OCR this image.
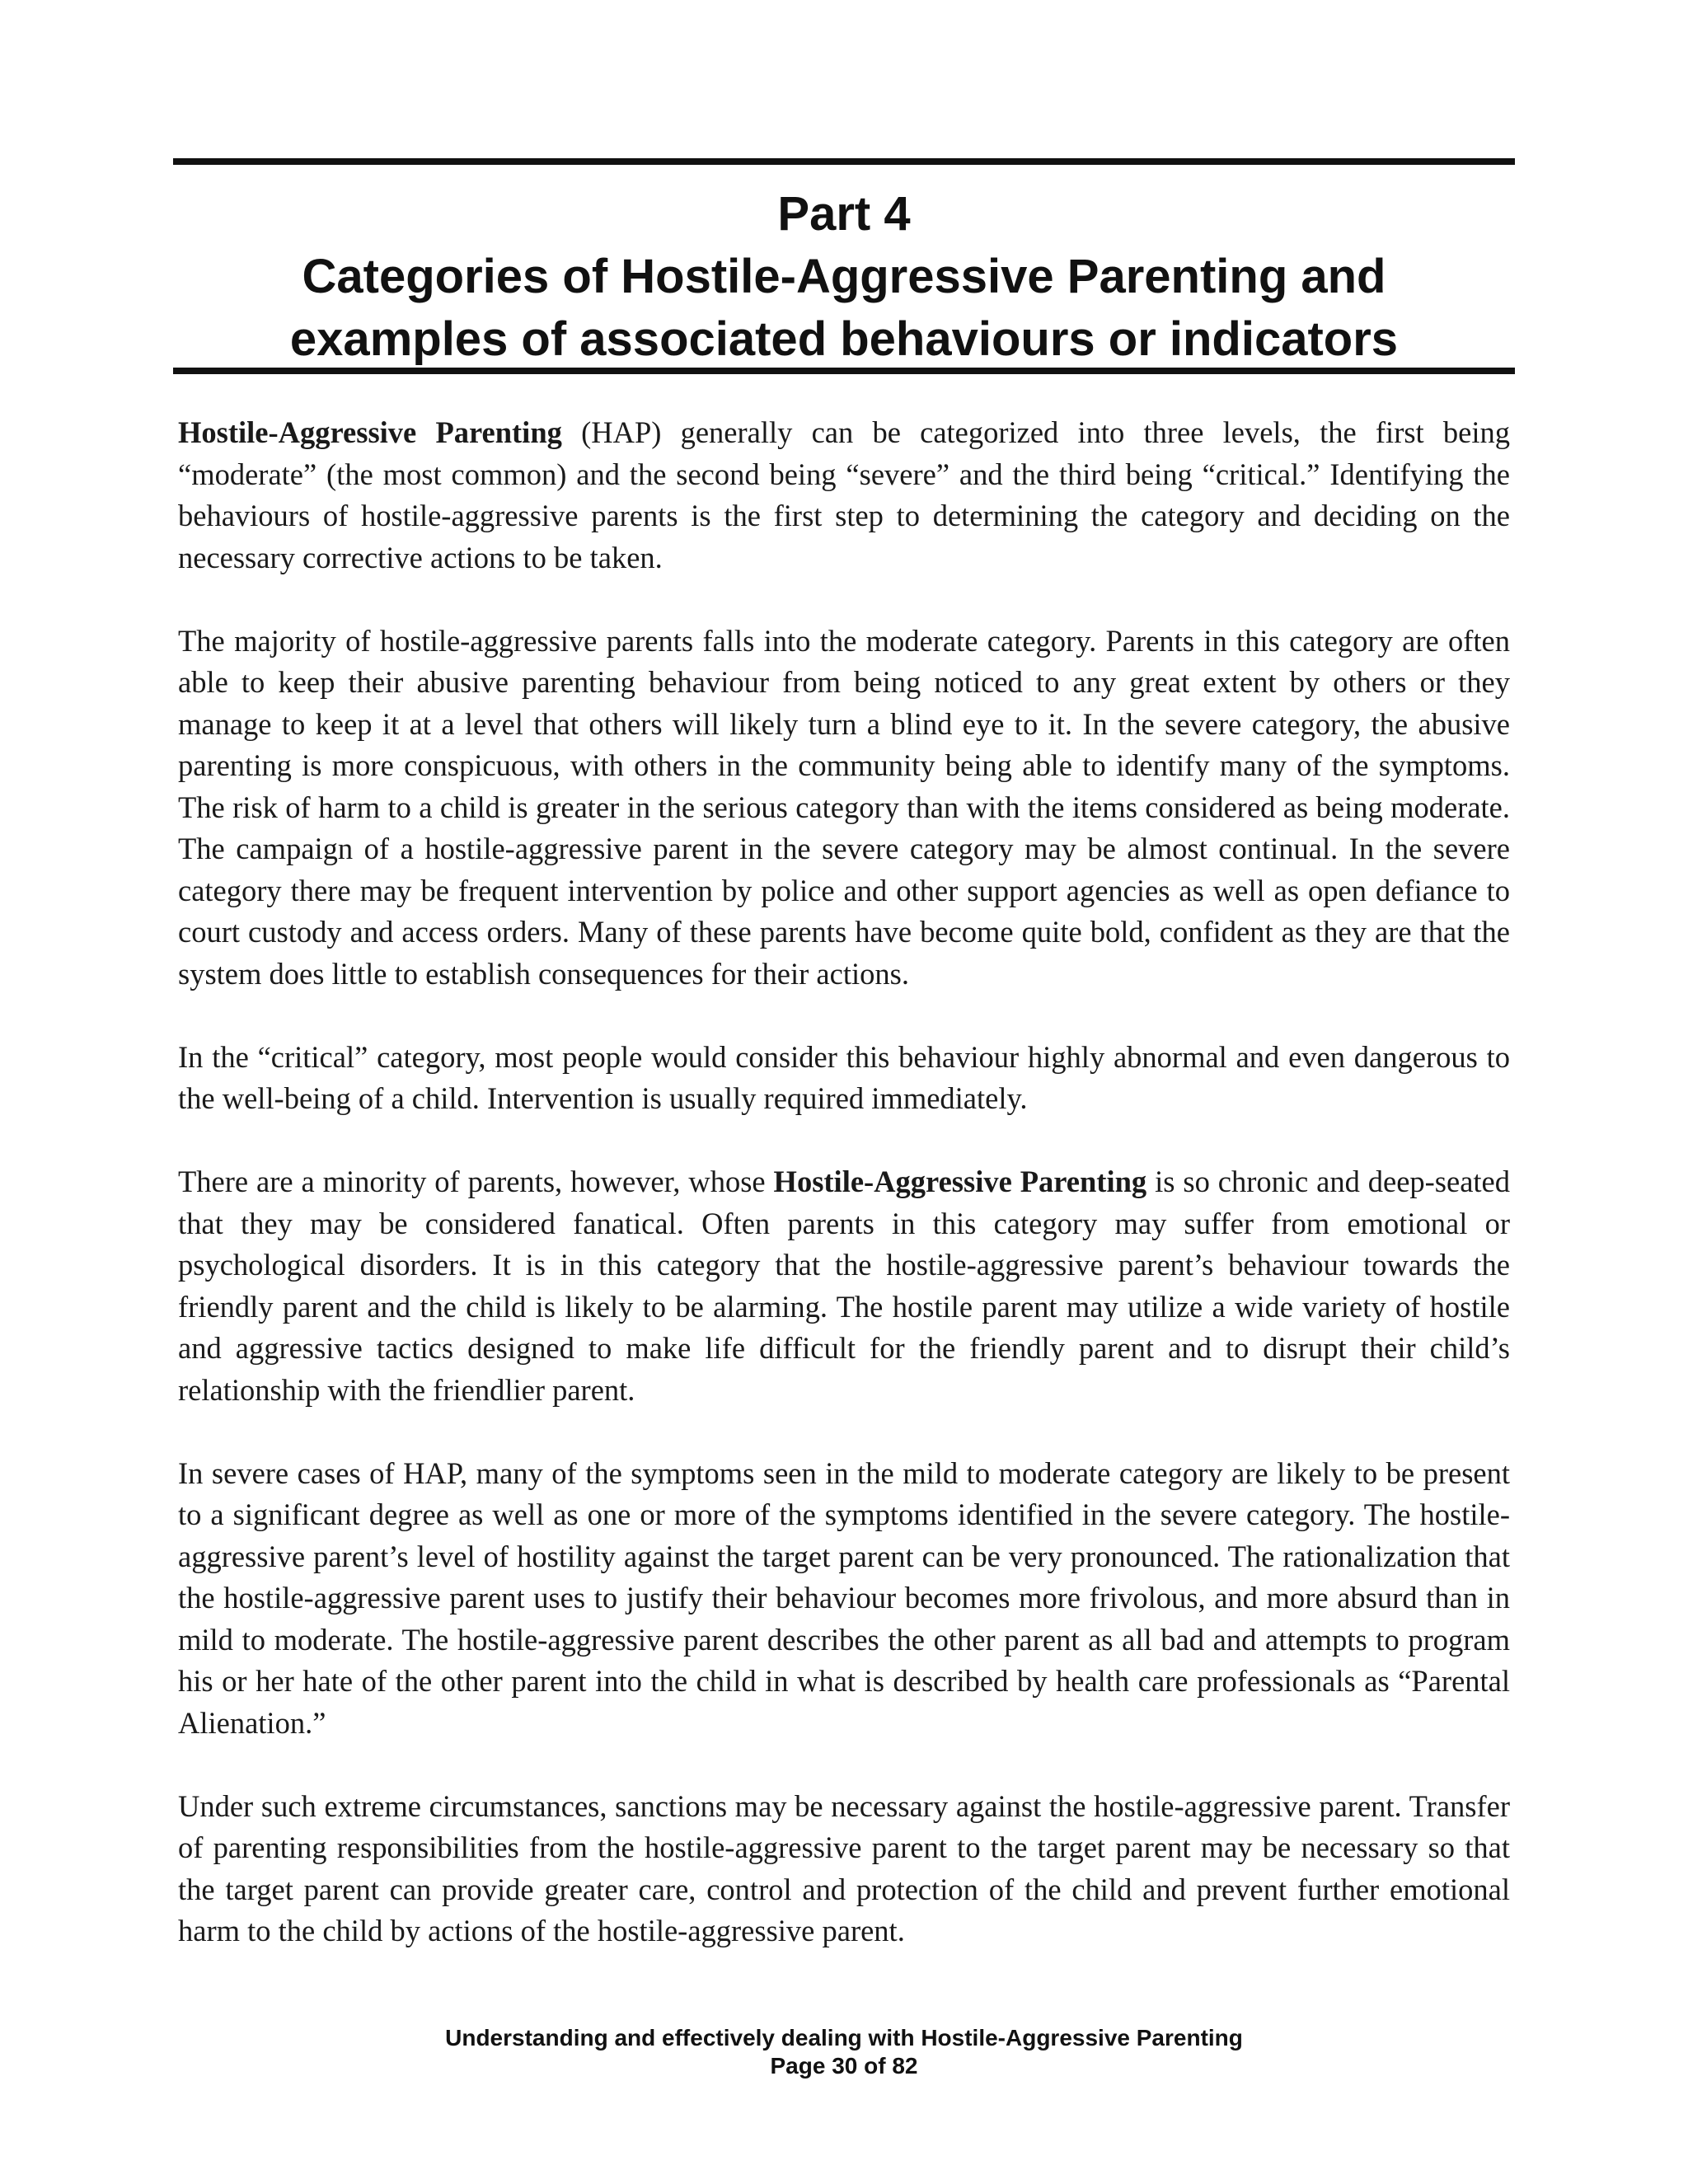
Part 4
Categories of Hostile-Aggressive Parenting and
examples of associated behaviours or indicators

Hostile-Aggressive Parenting (HAP) generally can be categorized into three levels, the first being “moderate” (the most common) and the second being “severe” and the third being “critical.” Identifying the behaviours of hostile-aggressive parents is the first step to determining the category and deciding on the necessary corrective actions to be taken.

The majority of hostile-aggressive parents falls into the moderate category. Parents in this category are often able to keep their abusive parenting behaviour from being noticed to any great extent by others or they manage to keep it at a level that others will likely turn a blind eye to it. In the severe category, the abusive parenting is more conspicuous, with others in the community being able to identify many of the symptoms. The risk of harm to a child is greater in the serious category than with the items considered as being moderate. The campaign of a hostile-aggressive parent in the severe category may be almost continual. In the severe category there may be frequent intervention by police and other support agencies as well as open defiance to court custody and access orders. Many of these parents have become quite bold, confident as they are that the system does little to establish consequences for their actions.

In the “critical” category, most people would consider this behaviour highly abnormal and even dangerous to the well-being of a child. Intervention is usually required immediately.

There are a minority of parents, however, whose Hostile-Aggressive Parenting is so chronic and deep-seated that they may be considered fanatical. Often parents in this category may suffer from emotional or psychological disorders. It is in this category that the hostile-aggressive parent’s behaviour towards the friendly parent and the child is likely to be alarming. The hostile parent may utilize a wide variety of hostile and aggressive tactics designed to make life difficult for the friendly parent and to disrupt their child’s relationship with the friendlier parent.

In severe cases of HAP, many of the symptoms seen in the mild to moderate category are likely to be present to a significant degree as well as one or more of the symptoms identified in the severe category. The hostile-aggressive parent’s level of hostility against the target parent can be very pronounced. The rationalization that the hostile-aggressive parent uses to justify their behaviour becomes more frivolous, and more absurd than in mild to moderate. The hostile-aggressive parent describes the other parent as all bad and attempts to program his or her hate of the other parent into the child in what is described by health care professionals as “Parental Alienation.”

Under such extreme circumstances, sanctions may be necessary against the hostile-aggressive parent. Transfer of parenting responsibilities from the hostile-aggressive parent to the target parent may be necessary so that the target parent can provide greater care, control and protection of the child and prevent further emotional harm to the child by actions of the hostile-aggressive parent.

Understanding and effectively dealing with Hostile-Aggressive Parenting
Page 30 of 82
